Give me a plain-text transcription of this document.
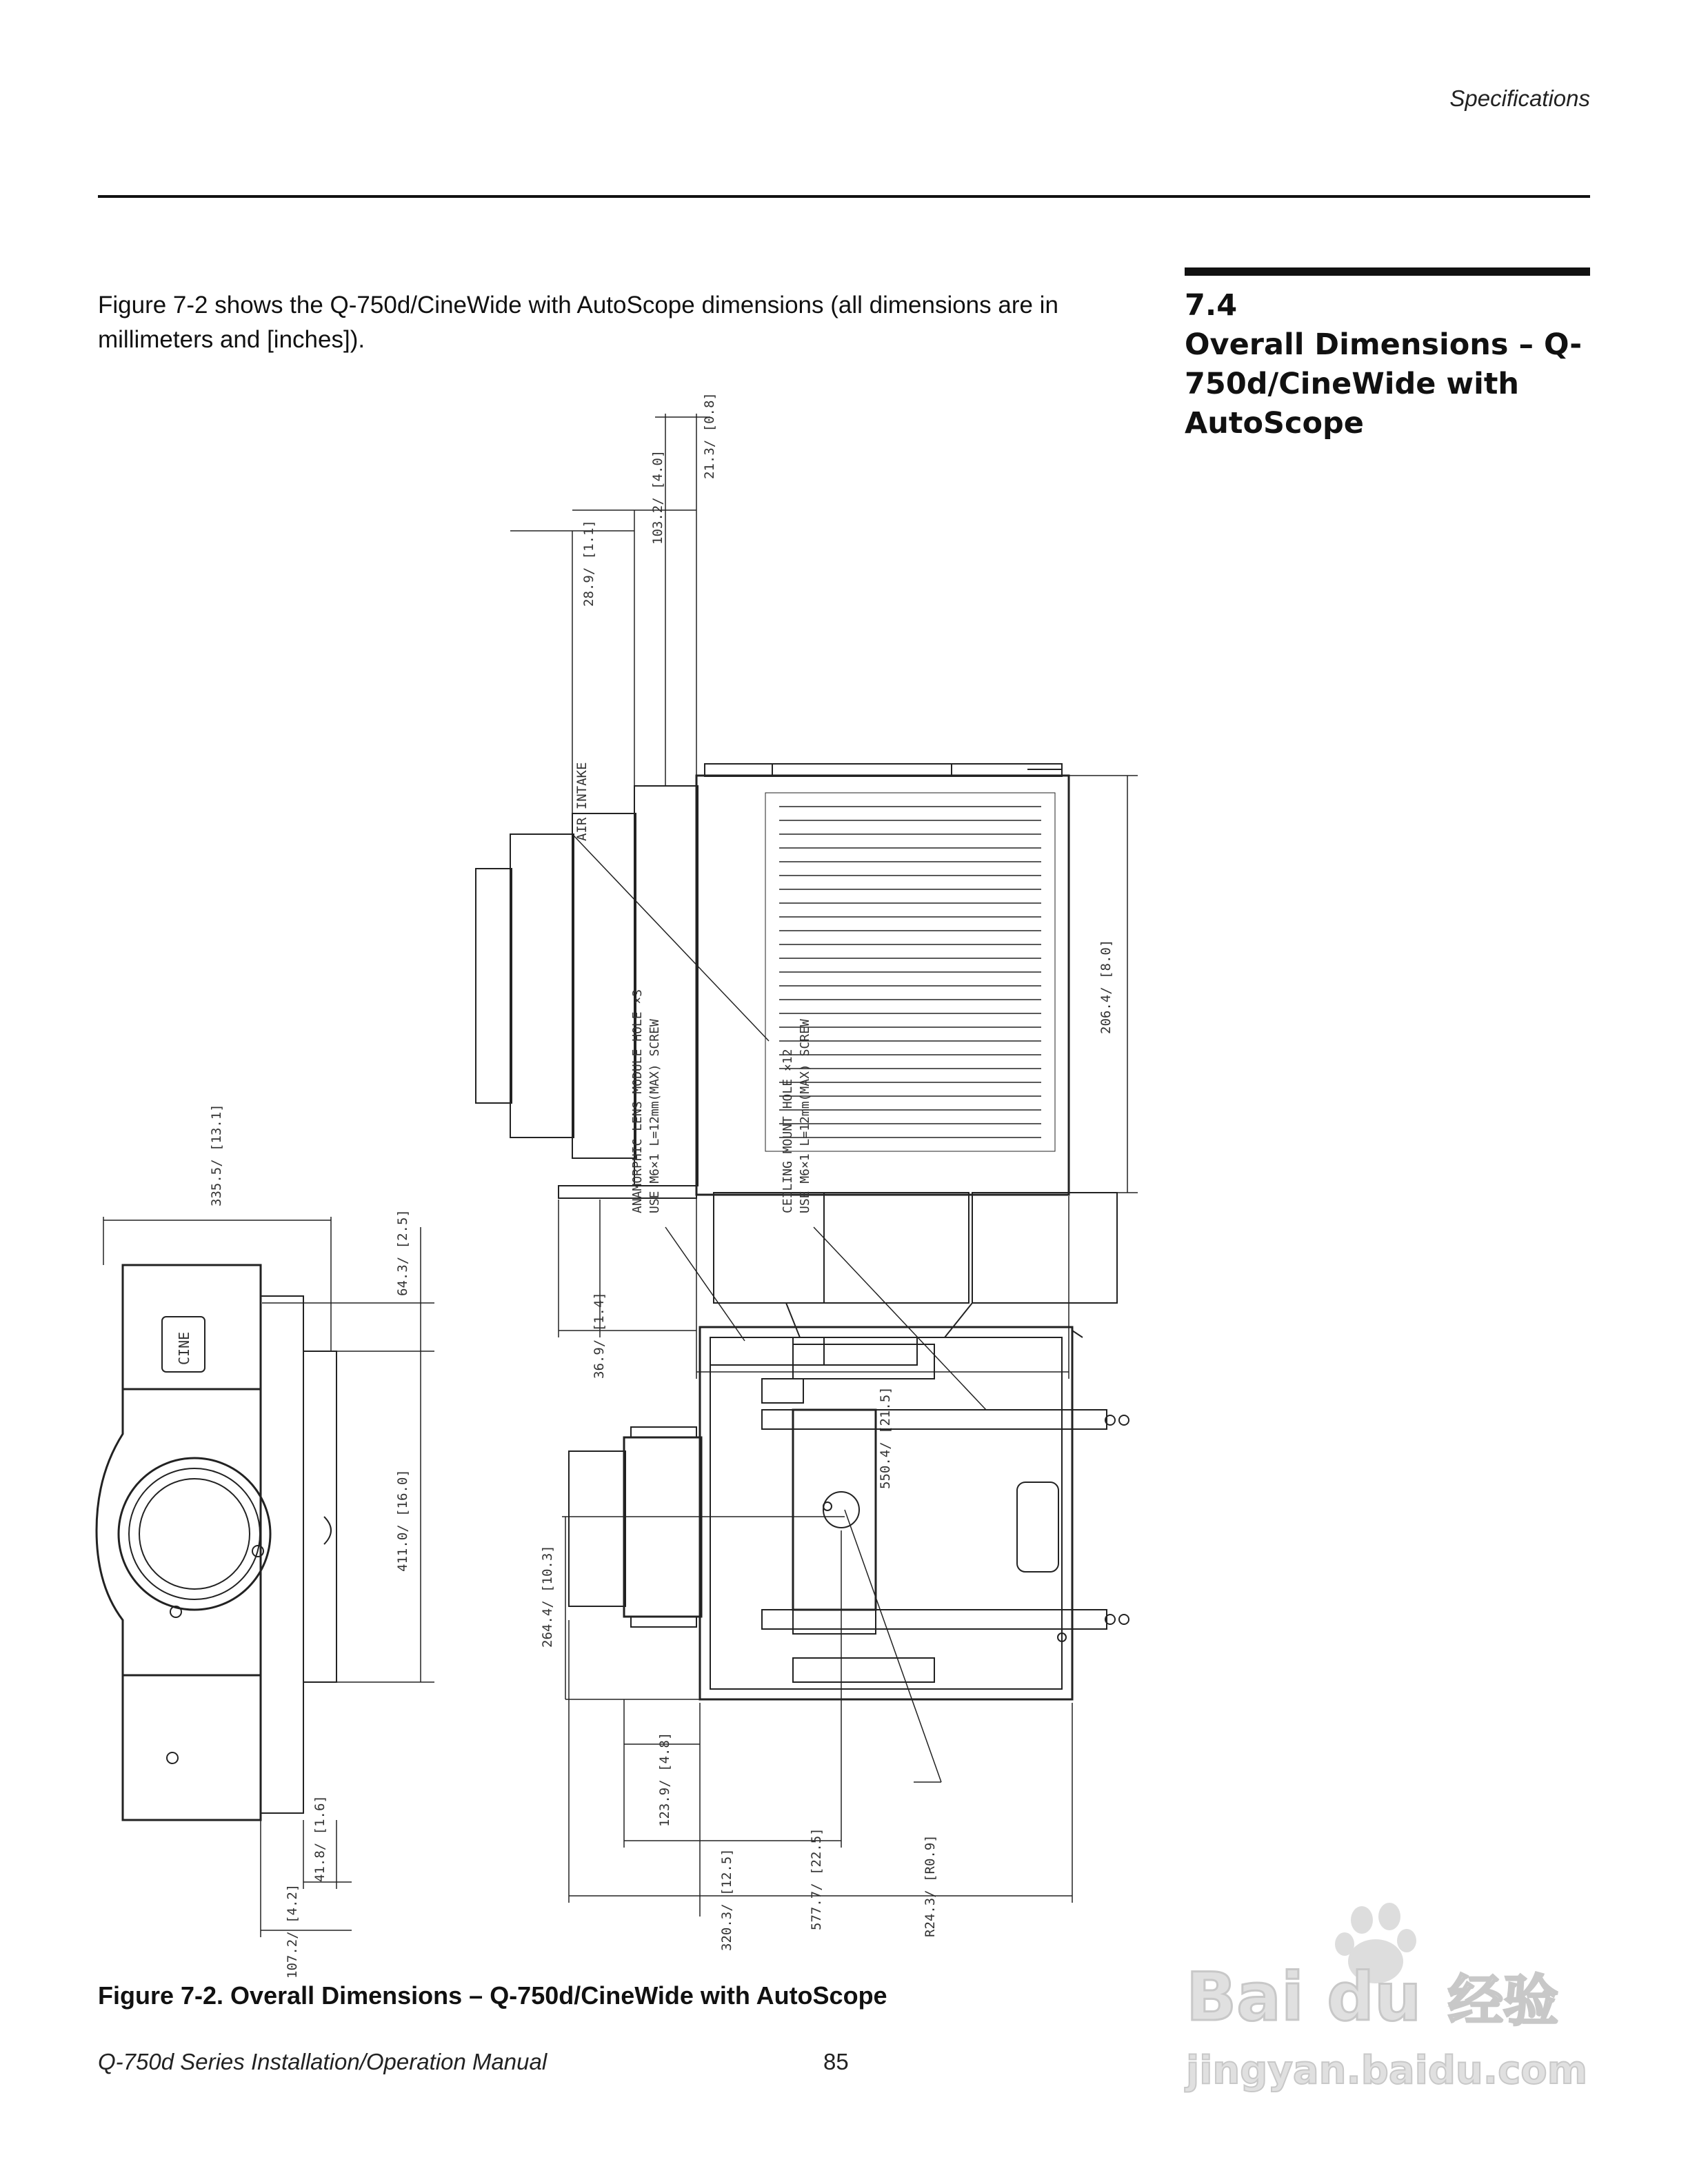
Specifications
7.4
Overall Dimensions – Q-750d/CineWide with AutoScope
Figure 7-2 shows the Q-750d/CineWide with AutoScope dimensions (all dimensions are in millimeters and [inches]).
AIR INTAKE
21.3/ [0.8]
103.2/ [4.0]
28.9/ [1.1]
206.4/ [8.0]
36.9/ [1.4]
550.4/ [21.5]
CINE
335.5/ [13.1]
64.3/ [2.5]
411.0/ [16.0]
41.8/ [1.6]
107.2/ [4.2]
ANAMORPHIC LENS MODULE HOLE ×3 USE M6×1 L=12mm(MAX) SCREW	CEILING MOUNT HOLE ×12 USE M6×1 L=12mm(MAX) SCREW
264.4/ [10.3]
123.9/ [4.8]
320.3/ [12.5]	R24.3/ [R0.9]
577.7/ [22.5]
Figure 7-2. Overall Dimensions – Q-750d/CineWide with AutoScope
Q-750d Series Installation/Operation Manual	85
Bai du 经验
jingyan.baidu.com
